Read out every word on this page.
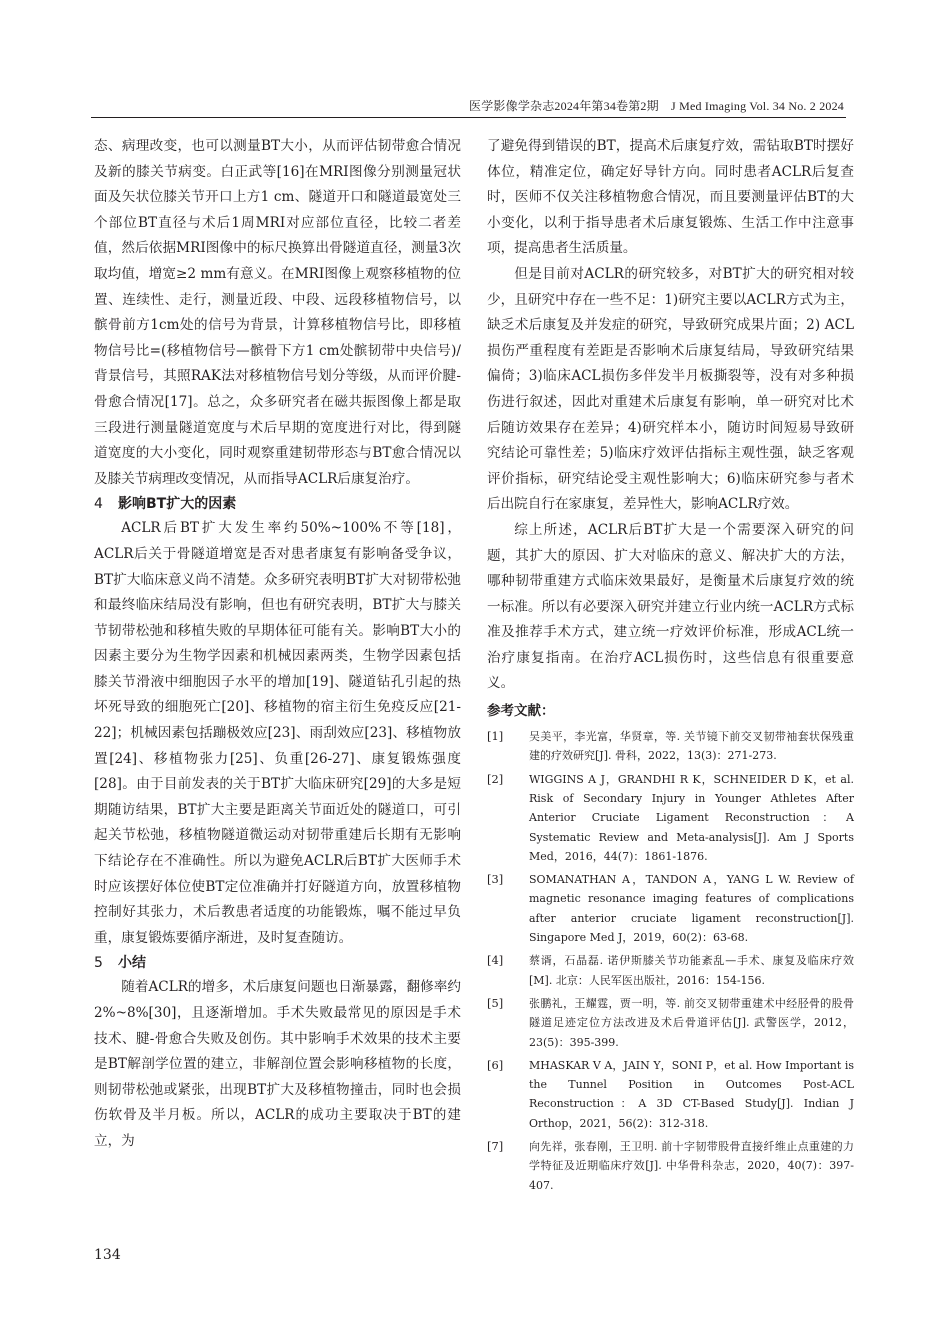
医学影像学杂志2024年第34卷第2期　J Med Imaging Vol. 34 No. 2 2024

态、病理改变，也可以测量BT大小，从而评估韧带愈合情况及新的膝关节病变。白正武等[16]在MRI图像分别测量冠状面及矢状位膝关节开口上方1 cm、隧道开口和隧道最宽处三个部位BT直径与术后1周MRI对应部位直径，比较二者差值，然后依据MRI图像中的标尺换算出骨隧道直径，测量3次取均值，增宽≥2 mm有意义。在MRI图像上观察移植物的位置、连续性、走行，测量近段、中段、远段移植物信号，以髌骨前方1cm处的信号为背景，计算移植物信号比，即移植物信号比=(移植物信号—髌骨下方1 cm处髌韧带中央信号)/背景信号，其照RAK法对移植物信号划分等级，从而评价腱-骨愈合情况[17]。总之，众多研究者在磁共振图像上都是取三段进行测量隧道宽度与术后早期的宽度进行对比，得到隧道宽度的大小变化，同时观察重建韧带形态与BT愈合情况以及膝关节病理改变情况，从而指导ACLR后康复治疗。

4 影响BT扩大的因素

ACLR后BT扩大发生率约50%~100%不等[18]，ACLR后关于骨隧道增宽是否对患者康复有影响备受争议，BT扩大临床意义尚不清楚。众多研究表明BT扩大对韧带松弛和最终临床结局没有影响，但也有研究表明，BT扩大与膝关节韧带松弛和移植失败的早期体征可能有关。影响BT大小的因素主要分为生物学因素和机械因素两类，生物学因素包括膝关节滑液中细胞因子水平的增加[19]、隧道钻孔引起的热坏死导致的细胞死亡[20]、移植物的宿主衍生免疫反应[21-22]；机械因素包括蹦极效应[23]、雨刮效应[23]、移植物放置[24]、移植物张力[25]、负重[26-27]、康复锻炼强度[28]。由于目前发表的关于BT扩大临床研究[29]的大多是短期随访结果，BT扩大主要是距离关节面近处的隧道口，可引起关节松弛，移植物隧道微运动对韧带重建后长期有无影响下结论存在不准确性。所以为避免ACLR后BT扩大医师手术时应该摆好体位使BT定位准确并打好隧道方向，放置移植物控制好其张力，术后教患者适度的功能锻炼，嘱不能过早负重，康复锻炼要循序渐进，及时复查随访。

5 小结

随着ACLR的增多，术后康复问题也日渐暴露，翻修率约2%~8%[30]，且逐渐增加。手术失败最常见的原因是手术技术、腱-骨愈合失败及创伤。其中影响手术效果的技术主要是BT解剖学位置的建立，非解剖位置会影响移植物的长度，则韧带松弛或紧张，出现BT扩大及移植物撞击，同时也会损伤软骨及半月板。所以，ACLR的成功主要取决于BT的建立，为

了避免得到错误的BT，提高术后康复疗效，需钻取BT时摆好体位，精准定位，确定好导针方向。同时患者ACLR后复查时，医师不仅关注移植物愈合情况，而且要测量评估BT的大小变化，以利于指导患者术后康复锻炼、生活工作中注意事项，提高患者生活质量。

但是目前对ACLR的研究较多，对BT扩大的研究相对较少，且研究中存在一些不足：1)研究主要以ACLR方式为主，缺乏术后康复及并发症的研究，导致研究成果片面；2) ACL损伤严重程度有差距是否影响术后康复结局，导致研究结果偏倚；3)临床ACL损伤多伴发半月板撕裂等，没有对多种损伤进行叙述，因此对重建术后康复有影响，单一研究对比术后随访效果存在差异；4)研究样本小，随访时间短易导致研究结论可靠性差；5)临床疗效评估指标主观性强，缺乏客观评价指标，研究结论受主观性影响大；6)临床研究参与者术后出院自行在家康复，差异性大，影响ACLR疗效。

综上所述，ACLR后BT扩大是一个需要深入研究的问题，其扩大的原因、扩大对临床的意义、解决扩大的方法，哪种韧带重建方式临床效果最好，是衡量术后康复疗效的统一标准。所以有必要深入研究并建立行业内统一ACLR方式标准及推荐手术方式，建立统一疗效评价标准，形成ACL统一治疗康复指南。在治疗ACL损伤时，这些信息有很重要意义。

参考文献：
[1]	吴美平，李光富，华贤章，等. 关节镜下前交叉韧带袖套状保残重建的疗效研究[J]. 骨科，2022，13(3)：271-273.
[2]	WIGGINS A J，GRANDHI R K，SCHNEIDER D K，et al. Risk of Secondary Injury in Younger Athletes After Anterior Cruciate Ligament Reconstruction：A Systematic Review and Meta-analysis[J]. Am J Sports Med，2016，44(7)：1861-1876.
[3]	SOMANATHAN A，TANDON A，YANG L W. Review of magnetic resonance imaging features of complications after anterior cruciate ligament reconstruction[J]. Singapore Med J，2019，60(2)：63-68.
[4]	蔡谞，石晶磊. 诺伊斯膝关节功能紊乱—手术、康复及临床疗效[M]. 北京：人民军医出版社，2016：154-156.
[5]	张鹏礼，王耀霆，贾一明，等. 前交叉韧带重建术中经胫骨的股骨隧道足迹定位方法改进及术后骨道评估[J]. 武警医学，2012，23(5)：395-399.
[6]	MHASKAR V A，JAIN Y，SONI P，et al. How Important is the Tunnel Position in Outcomes Post-ACL Reconstruction：A 3D CT-Based Study[J]. Indian J Orthop，2021，56(2)：312-318.
[7]	向先祥，张春刚，王卫明. 前十字韧带股骨直接纤维止点重建的力学特征及近期临床疗效[J]. 中华骨科杂志，2020，40(7)：397-407.
134
